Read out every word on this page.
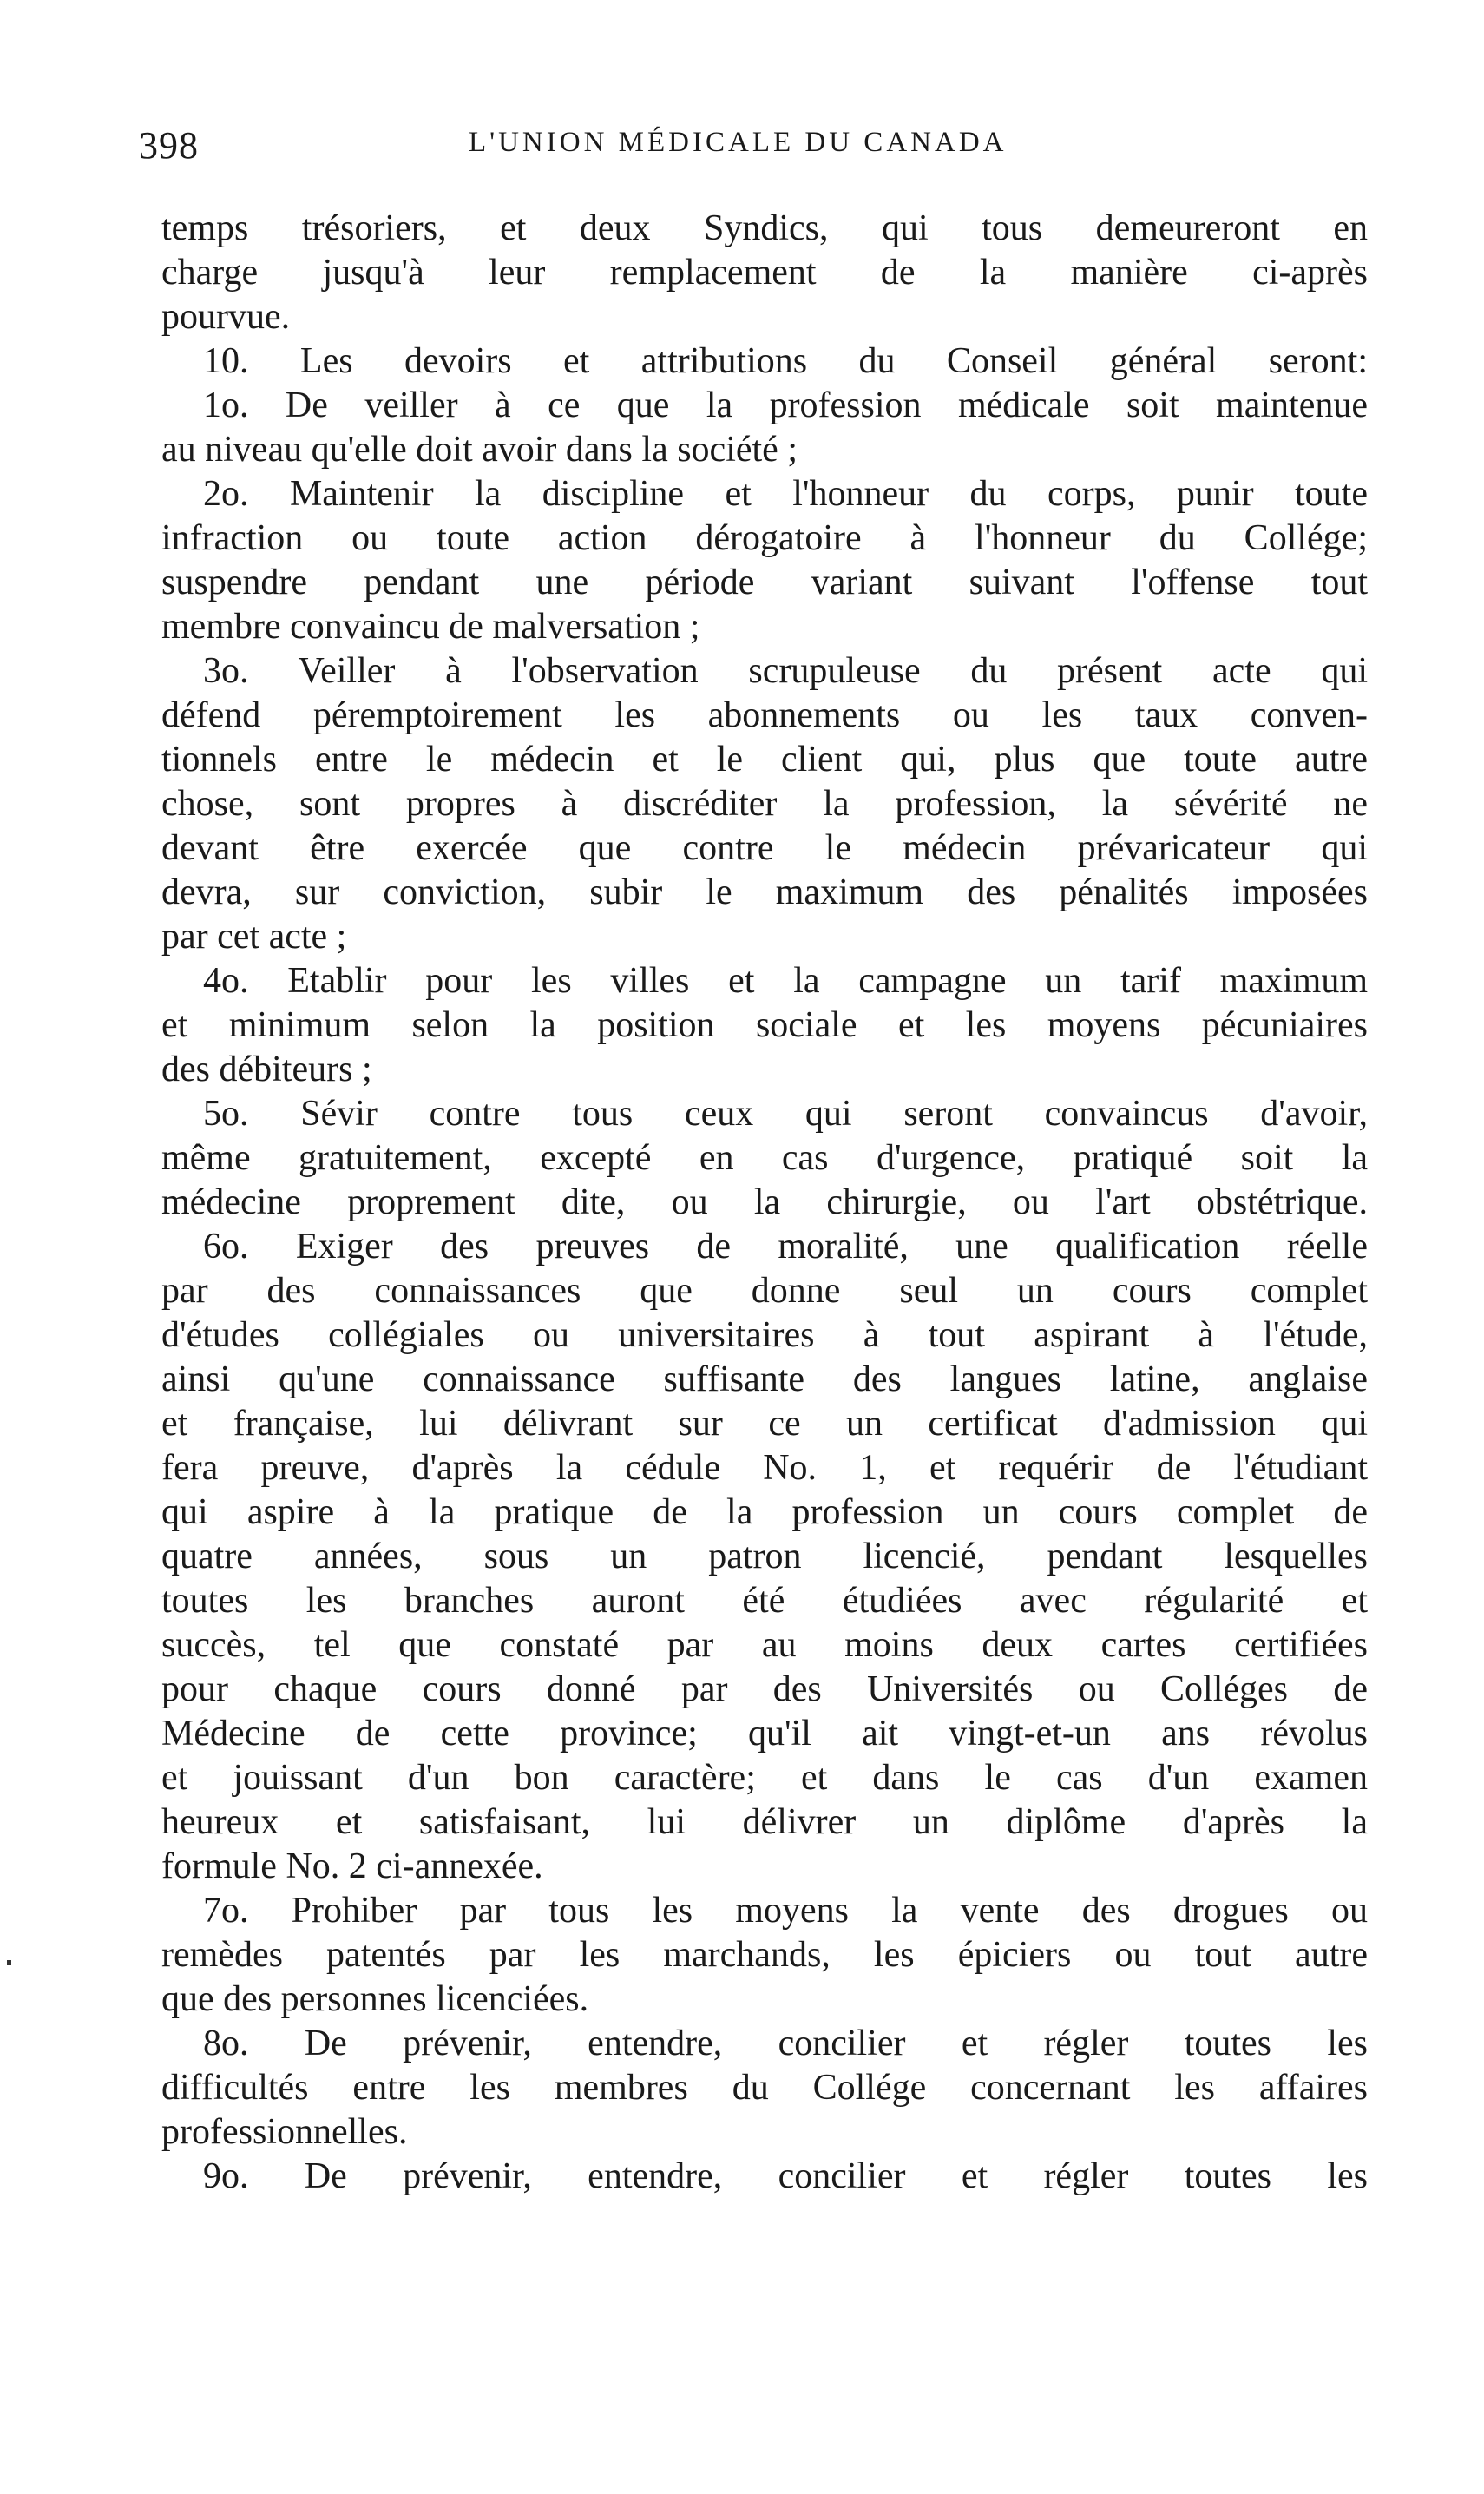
398	L'UNION MÉDICALE DU CANADA
temps trésoriers, et deux Syndics, qui tous demeureront en
charge jusqu'à leur remplacement de la manière ci-après
pourvue.
10. Les devoirs et attributions du Conseil général seront:
1o. De veiller à ce que la profession médicale soit maintenue
au niveau qu'elle doit avoir dans la société ;
2o. Maintenir la discipline et l'honneur du corps, punir toute
infraction ou toute action dérogatoire à l'honneur du Collége;
suspendre pendant une période variant suivant l'offense tout
membre convaincu de malversation ;
3o. Veiller à l'observation scrupuleuse du présent acte qui
défend péremptoirement les abonnements ou les taux conven-
tionnels entre le médecin et le client qui, plus que toute autre
chose, sont propres à discréditer la profession, la sévérité ne
devant être exercée que contre le médecin prévaricateur qui
devra, sur conviction, subir le maximum des pénalités imposées
par cet acte ;
4o. Etablir pour les villes et la campagne un tarif maximum
et minimum selon la position sociale et les moyens pécuniaires
des débiteurs ;
5o. Sévir contre tous ceux qui seront convaincus d'avoir,
même gratuitement, excepté en cas d'urgence, pratiqué soit la
médecine proprement dite, ou la chirurgie, ou l'art obstétrique.
6o. Exiger des preuves de moralité, une qualification réelle
par des connaissances que donne seul un cours complet
d'études collégiales ou universitaires à tout aspirant à l'étude,
ainsi qu'une connaissance suffisante des langues latine, anglaise
et française, lui délivrant sur ce un certificat d'admission qui
fera preuve, d'après la cédule No. 1, et requérir de l'étudiant
qui aspire à la pratique de la profession un cours complet de
quatre années, sous un patron licencié, pendant lesquelles
toutes les branches auront été étudiées avec régularité et
succès, tel que constaté par au moins deux cartes certifiées
pour chaque cours donné par des Universités ou Colléges de
Médecine de cette province; qu'il ait vingt-et-un ans révolus
et jouissant d'un bon caractère; et dans le cas d'un examen
heureux et satisfaisant, lui délivrer un diplôme d'après la
formule No. 2 ci-annexée.
7o. Prohiber par tous les moyens la vente des drogues ou
remèdes patentés par les marchands, les épiciers ou tout autre
que des personnes licenciées.
8o. De prévenir, entendre, concilier et régler toutes les
difficultés entre les membres du Collége concernant les affaires
professionnelles.
9o. De prévenir, entendre, concilier et régler toutes les
